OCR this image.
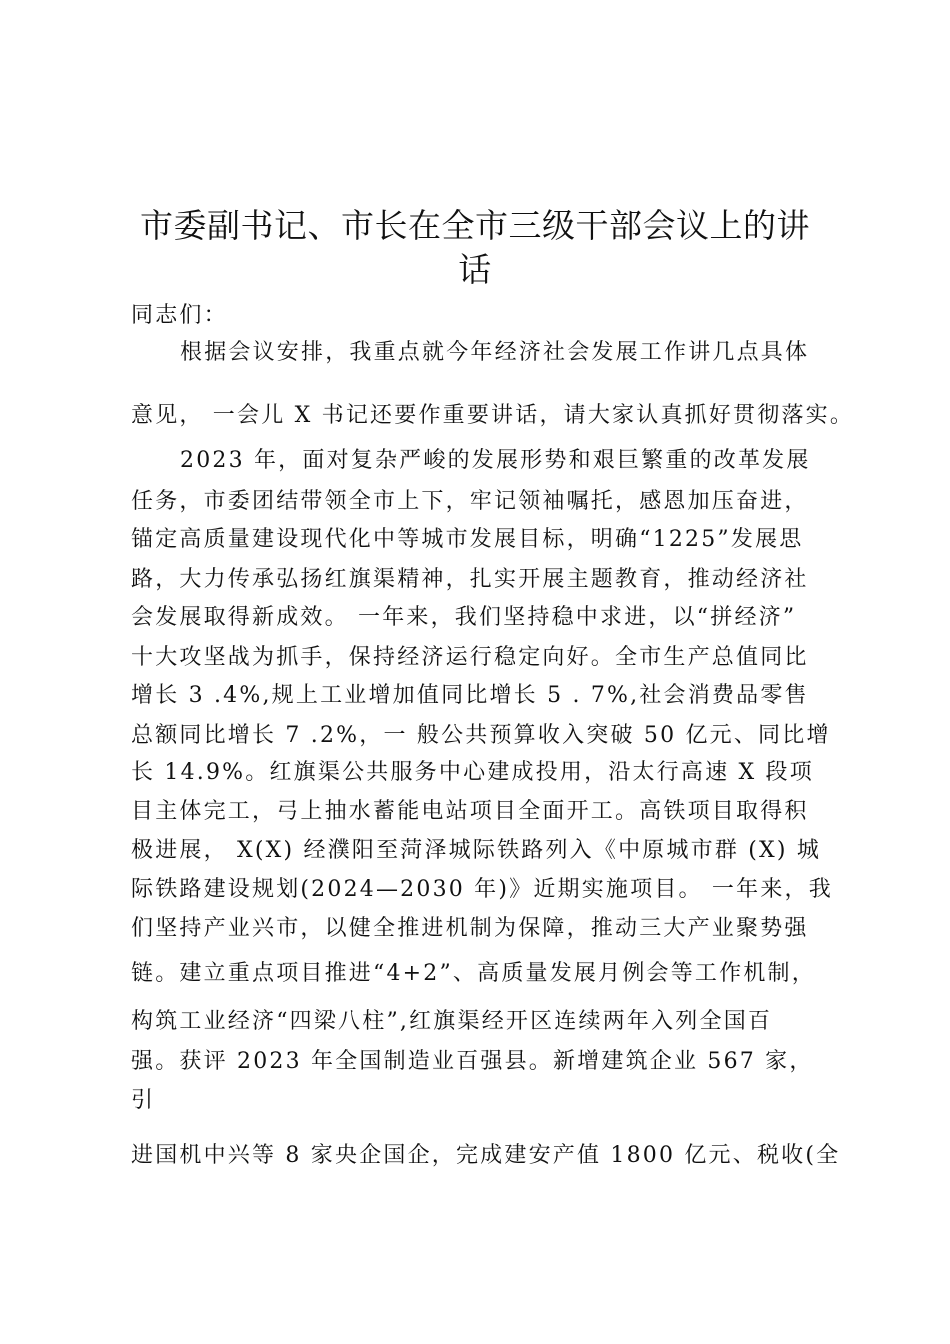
市委副书记、市长在全市三级干部会议上的讲
话
同志们：
根据会议安排，我重点就今年经济社会发展工作讲几点具体
意见， 一会儿 X 书记还要作重要讲话，请大家认真抓好贯彻落实。
2023 年，面对复杂严峻的发展形势和艰巨繁重的改革发展
任务，市委团结带领全市上下，牢记领袖嘱托，感恩加压奋进，
锚定高质量建设现代化中等城市发展目标，明确“1225”发展思
路，大力传承弘扬红旗渠精神，扎实开展主题教育，推动经济社
会发展取得新成效。 一年来，我们坚持稳中求进，以“拼经济”
十大攻坚战为抓手，保持经济运行稳定向好。全市生产总值同比
增长 3 .4%,规上工业增加值同比增长 5 . 7%,社会消费品零售
总额同比增长 7 .2%，一 般公共预算收入突破 50 亿元、同比增
长 14.9%。红旗渠公共服务中心建成投用，沿太行高速 X 段项
目主体完工，弓上抽水蓄能电站项目全面开工。高铁项目取得积
极进展， X(X) 经濮阳至菏泽城际铁路列入《中原城市群 (X) 城
际铁路建设规划(2024—2030 年)》近期实施项目。 一年来，我
们坚持产业兴市，以健全推进机制为保障，推动三大产业聚势强
链。建立重点项目推进“4+2”、高质量发展月例会等工作机制，
构筑工业经济“四梁八柱”,红旗渠经开区连续两年入列全国百
强。获评 2023 年全国制造业百强县。新增建筑企业 567 家，
引
进国机中兴等 8 家央企国企，完成建安产值 1800 亿元、税收(全
